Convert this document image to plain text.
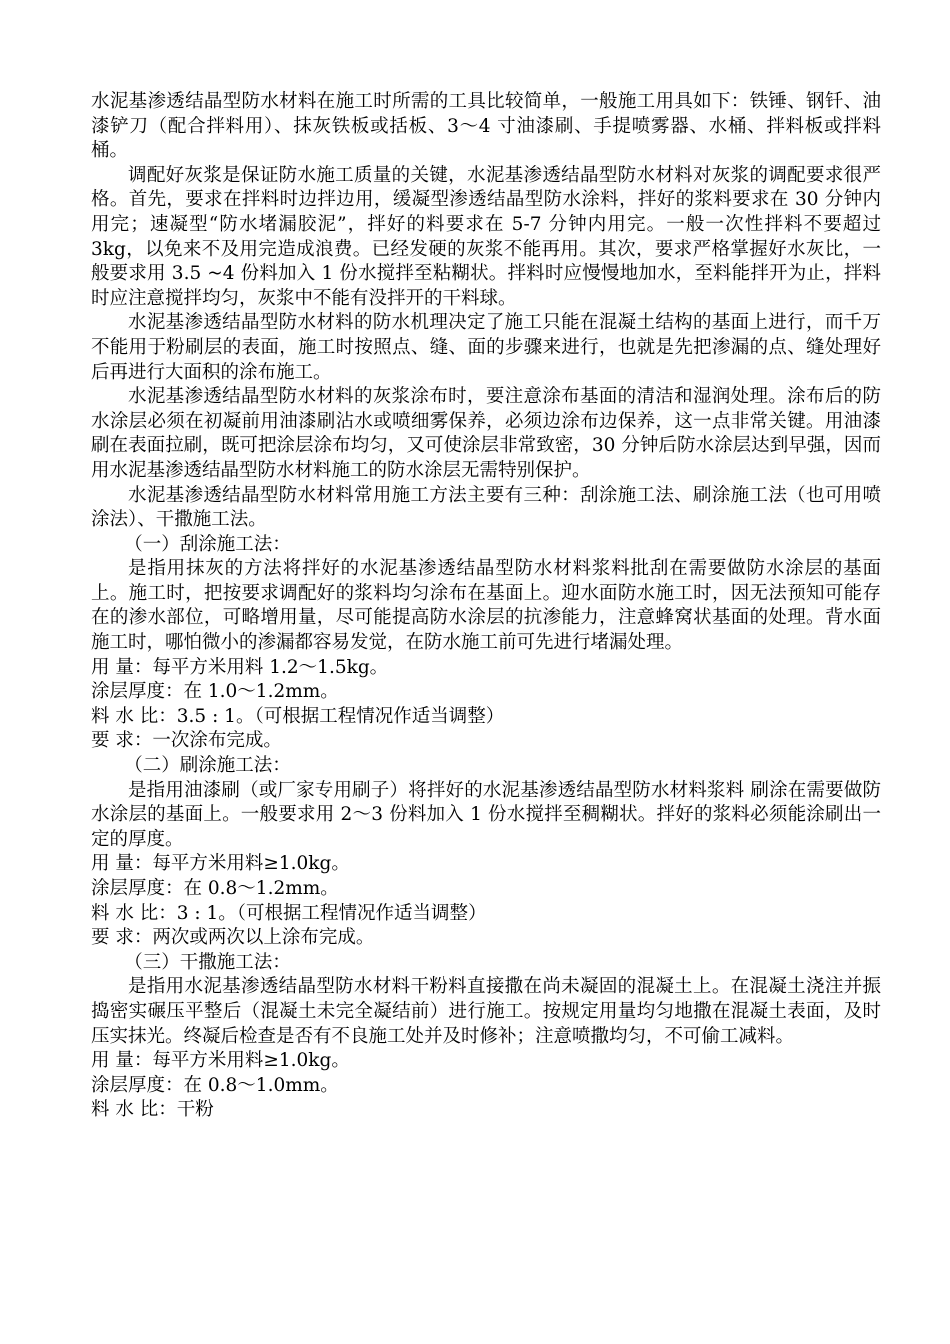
水泥基渗透结晶型防水材料在施工时所需的工具比较简单，一般施工用具如下：铁锤、钢钎、油漆铲刀（配合拌料用）、抹灰铁板或括板、3～4 寸油漆刷、手提喷雾器、水桶、拌料板或拌料桶。

调配好灰浆是保证防水施工质量的关键，水泥基渗透结晶型防水材料对灰浆的调配要求很严格。首先，要求在拌料时边拌边用，缓凝型渗透结晶型防水涂料，拌好的浆料要求在 30 分钟内用完；速凝型“防水堵漏胶泥”，拌好的料要求在 5-7 分钟内用完。一般一次性拌料不要超过 3kg，以免来不及用完造成浪费。已经发硬的灰浆不能再用。其次，要求严格掌握好水灰比，一般要求用 3.5 ~4 份料加入 1 份水搅拌至粘糊状。拌料时应慢慢地加水，至料能拌开为止，拌料时应注意搅拌均匀，灰浆中不能有没拌开的干料球。

水泥基渗透结晶型防水材料的防水机理决定了施工只能在混凝土结构的基面上进行，而千万不能用于粉刷层的表面，施工时按照点、缝、面的步骤来进行，也就是先把渗漏的点、缝处理好后再进行大面积的涂布施工。

水泥基渗透结晶型防水材料的灰浆涂布时，要注意涂布基面的清洁和湿润处理。涂布后的防水涂层必须在初凝前用油漆刷沾水或喷细雾保养，必须边涂布边保养，这一点非常关键。用油漆刷在表面拉刷，既可把涂层涂布均匀，又可使涂层非常致密，30 分钟后防水涂层达到早强，因而用水泥基渗透结晶型防水材料施工的防水涂层无需特别保护。

水泥基渗透结晶型防水材料常用施工方法主要有三种：刮涂施工法、刷涂施工法（也可用喷涂法）、干撒施工法。

（一）刮涂施工法：

是指用抹灰的方法将拌好的水泥基渗透结晶型防水材料浆料批刮在需要做防水涂层的基面上。施工时，把按要求调配好的浆料均匀涂布在基面上。迎水面防水施工时，因无法预知可能存在的渗水部位，可略增用量，尽可能提高防水涂层的抗渗能力，注意蜂窝状基面的处理。背水面施工时，哪怕微小的渗漏都容易发觉，在防水施工前可先进行堵漏处理。

用 量：每平方米用料 1.2～1.5kg。

涂层厚度：在 1.0～1.2mm。

料 水 比：3.5 : 1。（可根据工程情况作适当调整）

要 求：一次涂布完成。

（二）刷涂施工法：

是指用油漆刷（或厂家专用刷子）将拌好的水泥基渗透结晶型防水材料浆料 刷涂在需要做防水涂层的基面上。一般要求用 2～3 份料加入 1 份水搅拌至稠糊状。拌好的浆料必须能涂刷出一定的厚度。

用 量：每平方米用料≥1.0kg。

涂层厚度：在 0.8～1.2mm。

料 水 比：3 : 1。（可根据工程情况作适当调整）

要 求：两次或两次以上涂布完成。

（三）干撒施工法：

是指用水泥基渗透结晶型防水材料干粉料直接撒在尚未凝固的混凝土上。在混凝土浇注并振捣密实碾压平整后（混凝土未完全凝结前）进行施工。按规定用量均匀地撒在混凝土表面，及时压实抹光。终凝后检查是否有不良施工处并及时修补；注意喷撒均匀，不可偷工减料。

用 量：每平方米用料≥1.0kg。

涂层厚度：在 0.8～1.0mm。

料 水 比：干粉
